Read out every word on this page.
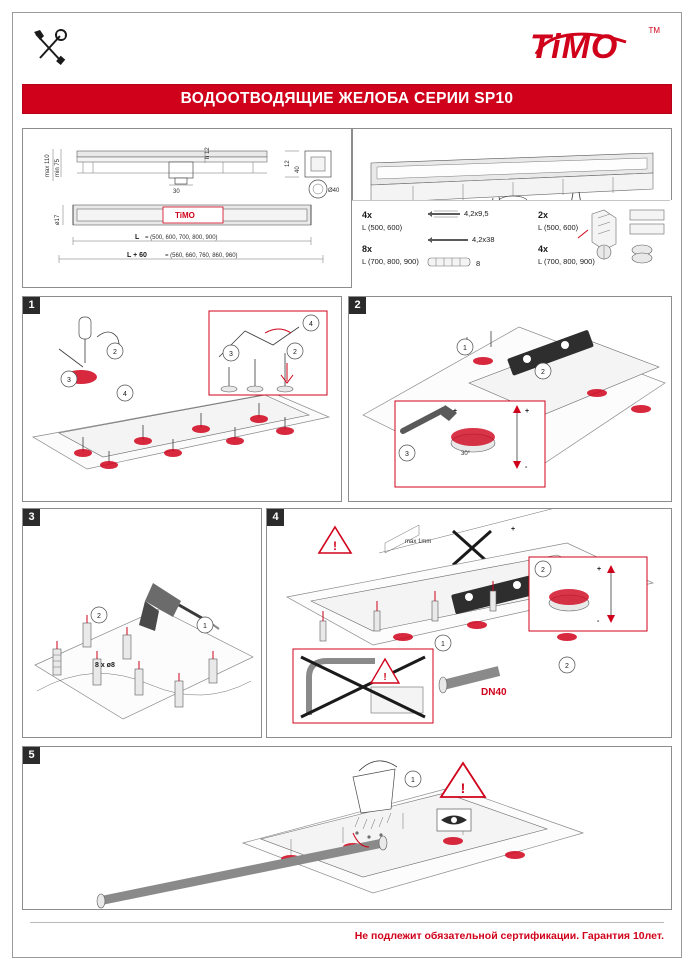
TiMO	TM
ВОДООТВОДЯЩИЕ ЖЕЛОБА СЕРИИ SP10
max 110 min 75
30
h 12
12
40
Ø40
TiMO
ø17
L = (500, 600, 700, 800, 900)
L + 60	= (560, 660, 760, 860, 960)
4x
L (500, 600)
8x
L (700, 800, 900)
4,2x9,5
4,2x38
8
2x
L (500, 600)
4x
L (700, 800, 900)
1
2
3
4
4
2
3
2
2
1
30°
+
-
+
3
3
1
2
8 x ø8
4
max 1mm
!
+
1
2
+
-
2
!
DN40
5
1	!
Не подлежит обязательной сертификации. Гарантия 10лет.
